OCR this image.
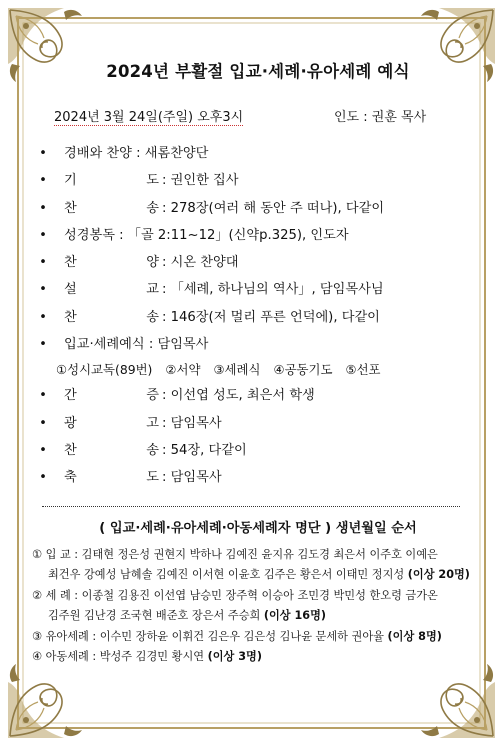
2024년 부활절 입교·세례·유아세례 예식
2024년 3월 24일(주일) 오후3시	인도 : 권훈 목사
• 경배와 찬양 : 새롬찬양단
• 기	도 : 권인한 집사
• 찬	송 : 278장(여러 해 동안 주 떠나), 다같이
• 성경봉독 : 「골 2:11~12」(신약p.325), 인도자
• 찬	양 : 시온 찬양대
• 설	교 : 「세례, 하나님의 역사」, 담임목사님
• 찬	송 : 146장(저 멀리 푸른 언덕에), 다같이
• 입교·세례예식 : 담임목사
①성시교독(89번) ②서약 ③세례식 ④공동기도 ⑤선포
• 간	증 : 이선엽 성도, 최은서 학생
• 광	고 : 담임목사
• 찬	송 : 54장, 다같이
• 축	도 : 담임목사
( 입교·세례·유아세례·아동세례자 명단 ) 생년월일 순서
① 입 교 : 김태현 정은성 권현지 박하나 김예진 윤지유 김도경 최은서 이주호 이예은
최건우 강예성 남혜솔 김예진 이서현 이윤호 김주은 황은서 이태민 정지성 (이상 20명)
② 세 례 : 이종철 김용진 이선엽 남승민 장주혁 이승아 조민경 박민성 한오령 금가온
김주원 김난경 조국현 배준호 장은서 주승희 (이상 16명)
③ 유아세례 : 이수민 장하윤 이휘건 김은우 김은성 김나윤 문세하 권아율 (이상 8명)
④ 아동세례 : 박성주 김경민 황시연 (이상 3명)
